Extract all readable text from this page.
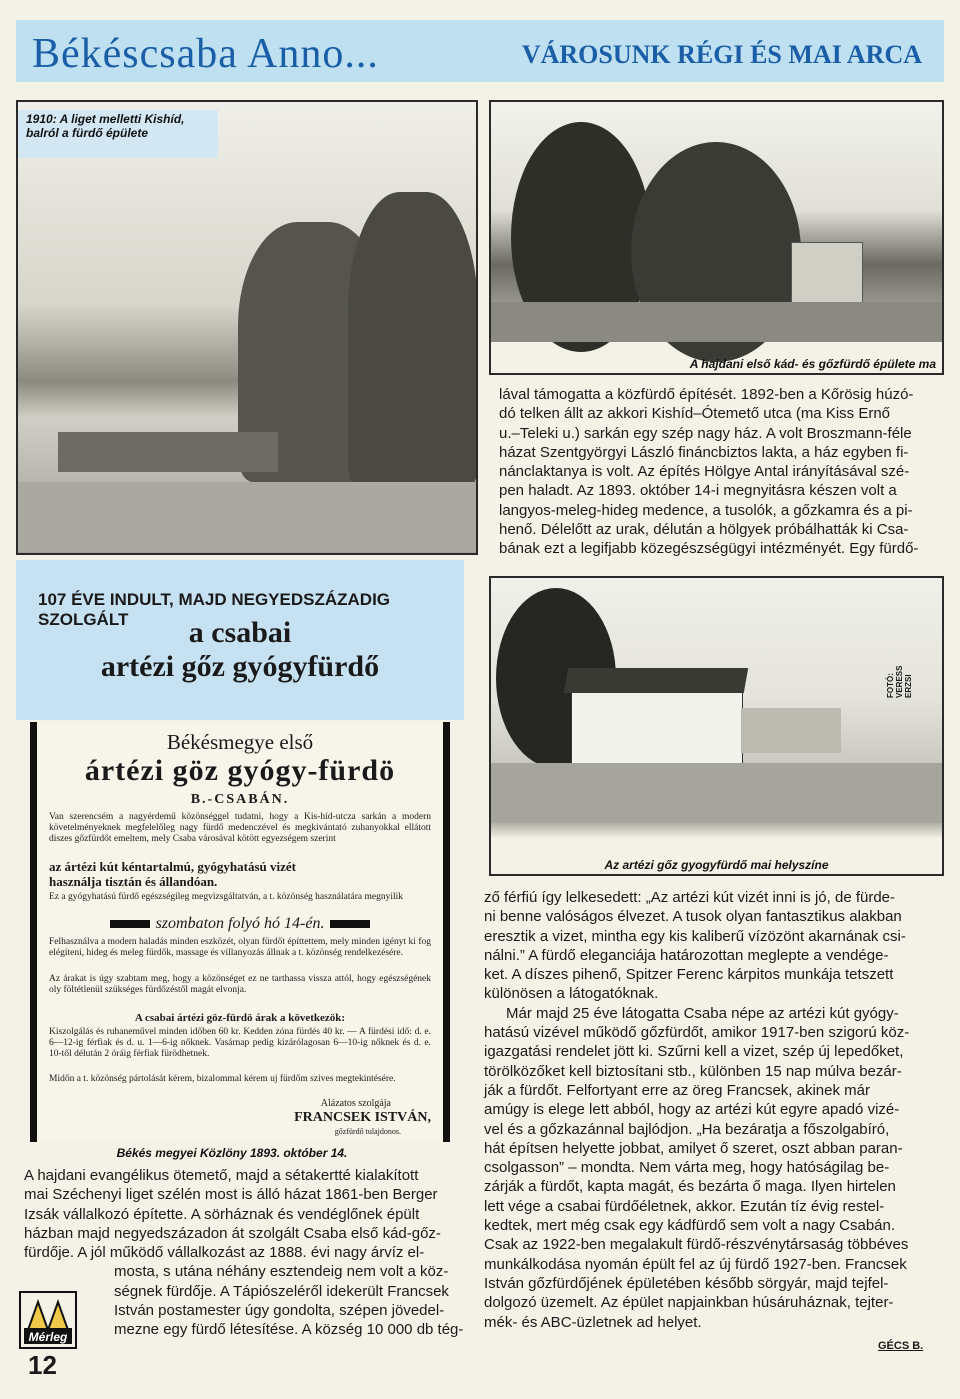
Békéscsaba Anno...	VÁROSUNK RÉGI ÉS MAI ARCA
1910: A liget melletti Kishíd,
balról a fürdő épülete
A hajdani első kád- és gőzfürdő épülete ma
lával támogatta a közfürdő építését. 1892-ben a Kőrösig húzó-
dó telken állt az akkori Kishíd–Ótemető utca (ma Kiss Ernő
u.–Teleki u.) sarkán egy szép nagy ház. A volt Broszmann-féle
házat Szentgyörgyi László fináncbiztos lakta, a ház egyben fi-
nánclaktanya is volt. Az építés Hölgye Antal irányításával szé-
pen haladt. Az 1893. október 14-i megnyitásra készen volt a
langyos-meleg-hideg medence, a tusolók, a gőzkamra és a pi-
henő. Délelőtt az urak, délután a hölgyek próbálhatták ki Csa-
bának ezt a legifjabb közegészségügyi intézményét. Egy fürdő-
107 ÉVE INDULT, MAJD NEGYEDSZÁZADIG SZOLGÁLT	a csabai
artézi gőz gyógyfürdő
FOTÓ: VERESS ERZSI
Az artézi gőz gyogyfürdő mai helyszíne
Békésmegye első
ártézi göz gyógy-fürdö
B.-CSABÁN.
Van szerencsém a nagyérdemű közönséggel tudatni, hogy a Kis-híd-utcza sarkán a modern követelményeknek megfelelőleg nagy fürdő medenczével és megkivántató zuhanyokkal ellátott diszes gőzfürdőt emeltem, mely Csaba városával kötött egyezségem szerint
az ártézi kút kéntartalmú, gyógyhatású vizét
használja tisztán és állandóan.
Ez a gyógyhatású fürdő egészségileg megvizsgáltatván, a t. közönség használatára megnyilik
szombaton folyó hó 14-én.
Felhasználva a modern haladás minden eszközét, olyan fürdőt építtettem, mely minden igényt ki fog elégíteni, hideg és meleg fürdők, massage és villanyozás állnak a t. közönség rendelkezésére.
Az árakat is úgy szabtam meg, hogy a közönséget ez ne tarthassa vissza attól, hogy egészségének oly föltétlenül szükséges fürdőzéstől magát elvonja.
A csabai ártézi göz-fürdö árak a következök:
Kiszolgálás és ruhaneművel minden időben 60 kr. Kedden zóna fürdés 40 kr. — A fürdési idő: d. e. 6—12-ig férfiak és d. u. 1—6-ig nőknek. Vasárnap pedig kizárólagosan 6—10-ig nőknek és d. e. 10-től délután 2 óráig férfiak fürödhetnek.
Midőn a t. közönség pártolását kérem, bizalommal kérem uj fürdőm szives megtekintésére.
Alázatos szolgája
FRANCSEK ISTVÁN,
gőzfürdő tulajdonos.
Békés megyei Közlöny 1893. október 14.
A hajdani evangélikus ötemető, majd a sétakertté kialakított
mai Széchenyi liget szélén most is álló házat 1861-ben Berger
Izsák vállalkozó építette. A sörháznak és vendéglőnek épült
házban majd negyedszázadon át szolgált Csaba első kád-gőz-
fürdője. A jól működő vállalkozást az 1888. évi nagy árvíz el-
mosta, s utána néhány esztendeig nem volt a köz-
ségnek fürdője. A Tápiószeléről idekerült Francsek
István postamester úgy gondolta, szépen jövedel-
mezne egy fürdő létesítése. A község 10 000 db tég-
Mérleg
12
ző férfiú így lelkesedett: „Az artézi kút vizét inni is jó, de fürde-
ni benne valóságos élvezet. A tusok olyan fantasztikus alakban
eresztik a vizet, mintha egy kis kaliberű vízözönt akarnának csi-
nálni.” A fürdő eleganciája határozottan meglepte a vendége-
ket. A díszes pihenő, Spitzer Ferenc kárpitos munkája tetszett
különösen a látogatóknak.
Már majd 25 éve látogatta Csaba népe az artézi kút gyógy-
hatású vizével működő gőzfürdőt, amikor 1917-ben szigorú köz-
igazgatási rendelet jött ki. Szűrni kell a vizet, szép új lepedőket,
törölközőket kell biztosítani stb., különben 15 nap múlva bezár-
ják a fürdőt. Felfortyant erre az öreg Francsek, akinek már
amúgy is elege lett abból, hogy az artézi kút egyre apadó vizé-
vel és a gőzkazánnal bajlódjon. „Ha bezáratja a főszolgabíró,
hát építsen helyette jobbat, amilyet ő szeret, oszt abban paran-
csolgasson” – mondta. Nem várta meg, hogy hatóságilag be-
zárják a fürdőt, kapta magát, és bezárta ő maga. Ilyen hirtelen
lett vége a csabai fürdőéletnek, akkor. Ezután tíz évig restel-
kedtek, mert még csak egy kádfürdő sem volt a nagy Csabán.
Csak az 1922-ben megalakult fürdő-részvénytársaság többéves
munkálkodása nyomán épült fel az új fürdő 1927-ben. Francsek
István gőzfürdőjének épületében később sörgyár, majd tejfel-
dolgozó üzemelt. Az épület napjainkban húsáruháznak, tejter-
mék- és ABC-üzletnek ad helyet.
GÉCS B.
